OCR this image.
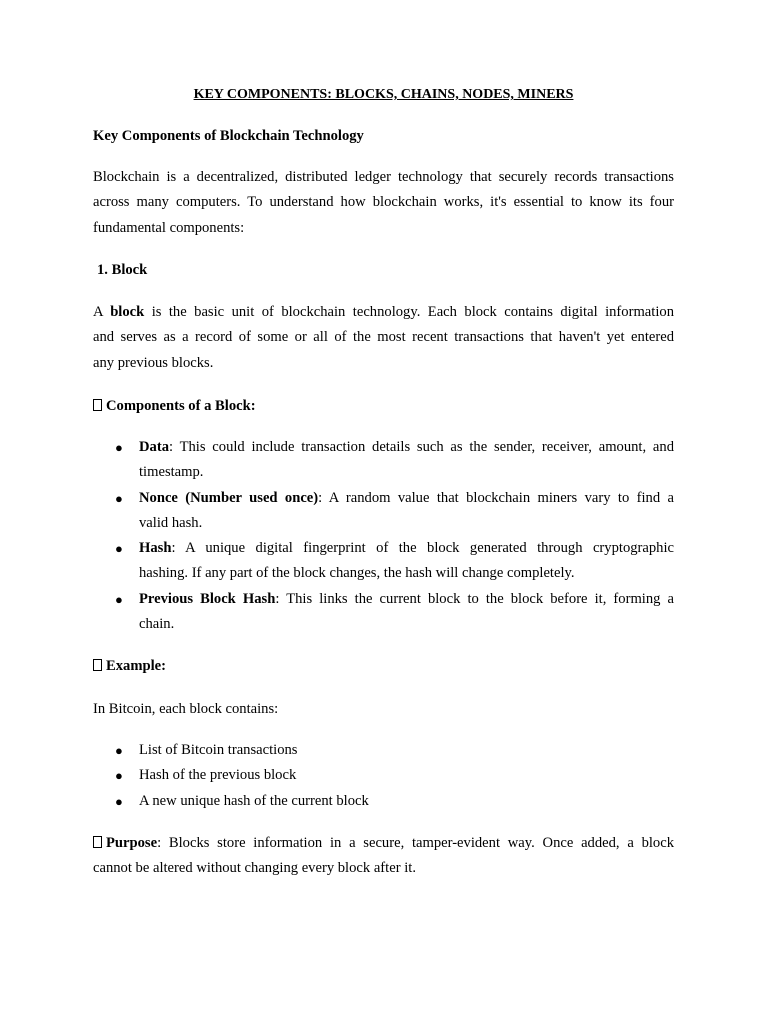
KEY COMPONENTS: BLOCKS, CHAINS, NODES, MINERS
Key Components of Blockchain Technology
Blockchain is a decentralized, distributed ledger technology that securely records transactions
across many computers. To understand how blockchain works, it's essential to know its four
fundamental components:
1. Block
A block is the basic unit of blockchain technology. Each block contains digital information
and serves as a record of some or all of the most recent transactions that haven't yet entered
any previous blocks.
Components of a Block:
● Data: This could include transaction details such as the sender, receiver, amount, and
timestamp.
● Nonce (Number used once): A random value that blockchain miners vary to find a
valid hash.
● Hash: A unique digital fingerprint of the block generated through cryptographic
hashing. If any part of the block changes, the hash will change completely.
● Previous Block Hash: This links the current block to the block before it, forming a
chain.
Example:
In Bitcoin, each block contains:
● List of Bitcoin transactions
● Hash of the previous block
● A new unique hash of the current block
Purpose: Blocks store information in a secure, tamper-evident way. Once added, a block
cannot be altered without changing every block after it.
